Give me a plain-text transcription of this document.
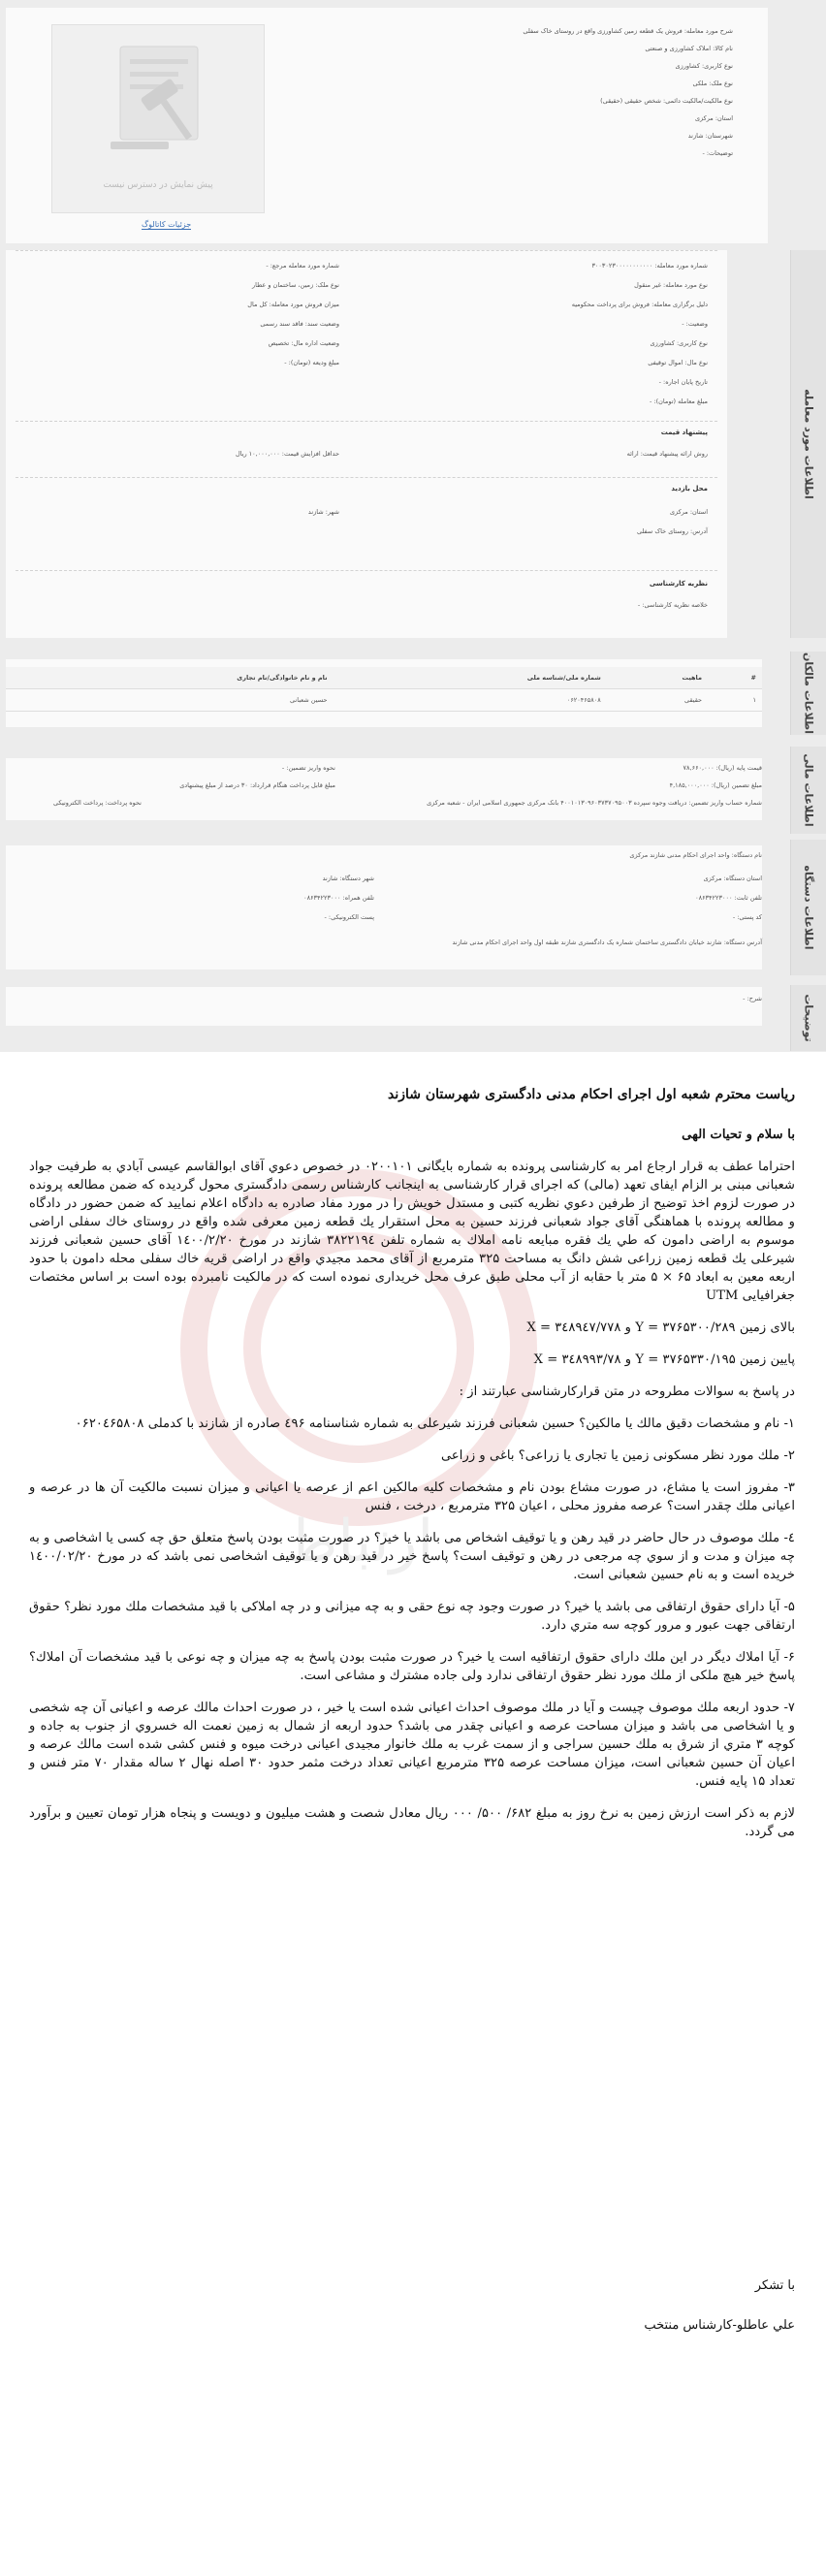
شرح مورد معامله: فروش یک قطعه زمین کشاورزی واقع در روستای خاک سفلی
نام کالا: املاک کشاورزی و صنعتی
نوع کاربری: کشاورزی
نوع ملک: ملکی
نوع مالکیت/مالکیت دائمی: شخص حقیقی (حقیقی)
استان: مرکزی
شهرستان: شازند
توضیحات: -
پیش نمایش در دسترس نیست
جزئیات کاتالوگ
شماره مورد معامله: ۳۰۰۳۰۲۳۰۰۰۰۰۰۰۰۰۰۰
شماره مورد معامله مرجع: -
نوع مورد معامله: غیر منقول
نوع ملک: زمین، ساختمان و عطار
دلیل برگزاری معامله: فروش برای پرداخت محکومیه
میزان فروش مورد معامله: کل مال
وضعیت: -
وضعیت سند: فاقد سند رسمی
نوع کاربری: کشاورزی
وضعیت اداره مال: تخصیص
نوع مال: اموال توقیفی
مبلغ ودیعه (تومان): -
تاریخ پایان اجاره: -
مبلغ معامله (تومان): -
پیشنهاد قیمت
روش ارائه پیشنهاد قیمت: ارائه
حداقل افزایش قیمت: ۱۰,۰۰۰,۰۰۰ ریال
محل بازدید
استان: مرکزی
شهر: شازند
آدرس: روستای خاک سفلی
نظریه کارشناسی
خلاصه نظریه کارشناسی: -
اطلاعات مورد معامله
#	ماهیت	شماره ملی/شناسه ملی	نام و نام خانوادگی/نام تجاری
۱	حقیقی	۰۶۲۰۴۶۵۸۰۸	حسین شعبانی	اطلاعات مالکان
قیمت پایه (ریال): ۷۸,۶۶۰,۰۰۰
نحوه واریز تضمین: -
مبلغ تضمین (ریال): ۴,۱۸۵,۰۰۰,۰۰۰
مبلغ قابل پرداخت هنگام قرارداد: ۳۰ درصد از مبلغ پیشنهادی
شماره حساب واریز تضمین: دریافت وجوه سپرده ۴۰۰۱۰۱۳۰۹۶۰۳۷۳۷۰۹۵۰۰۳ بانک مرکزی جمهوری اسلامی ایران - شعبه مرکزی
نحوه پرداخت: پرداخت الکترونیکی	اطلاعات مالی
نام دستگاه: واحد اجرای احکام مدنی شازند مرکزی
استان دستگاه: مرکزی
شهر دستگاه: شازند
تلفن ثابت: ۰۸۶۳۴۲۲۳۰۰۰
تلفن همراه: ۰۸۶۳۴۲۲۳۰۰۰
کد پستی: -
پست الکترونیکی: -
آدرس دستگاه: شازند خیابان دادگستری ساختمان شماره یک دادگستری شازند طبقه اول واحد اجرای احکام مدنی شازند	اطلاعات دستگاه
شرح: -	توضیحات
ارتباط

ریاست محترم شعبه اول اجرای احکام مدنی دادگستری شهرستان شازند

با سلام و تحیات الهی

احتراما عطف به قرار ارجاع امر به کارشناسی پرونده به شماره بایگانی ۰۲۰۰۱۰۱ در خصوص دعوي آقای ابوالقاسم عیسی آبادي به طرفیت جواد شعبانی مبنی بر الزام ایفای تعهد (مالی) که اجرای قرار کارشناسی به اینجانب کارشناس رسمی دادگستری محول گردیده که ضمن مطالعه پرونده در صورت لزوم اخذ توضیح از طرفین دعوي نظریه کتبی و مستدل خویش را در مورد مفاد صادره به دادگاه اعلام نمایید که ضمن حضور در دادگاه و مطالعه پرونده با هماهنگی آقای جواد شعبانی فرزند حسین به محل استقرار یك قطعه زمین معرفی شده واقع در روستای خاك سفلی اراضی موسوم به اراضی دامون که طي یك فقره مبایعه نامه املاك به شماره تلفن ۳۸۲۲۱۹٤ شازند در مورخ ۱٤۰۰/۲/۲۰ آقای حسین شعبانی فرزند شیرعلی یك قطعه زمین زراعی شش دانگ به مساحت ۳۲۵ مترمربع از آقای محمد مجیدي واقع در اراضی قریه خاك سفلی محله دامون با حدود اربعه معین به ابعاد ۶۵ × ۵ متر با حقابه از آب محلی طبق عرف محل خریداری نموده است که در مالکیت نامبرده بوده است بر اساس مختصات جغرافیایی UTM

بالای زمین ۳۷۶۵۳۰۰/۲۸۹ = Y و ۳٤۸۹٤۷/۷۷۸ = X

پایین زمین ۳۷۶۵۳۳۰/۱۹۵ = Y و ۳٤۸۹۹۳/۷۸ = X

در پاسخ به سوالات مطروحه در متن قرارکارشناسی عبارتند از :

۱- نام و مشخصات دقیق مالك یا مالکین؟ حسین شعبانی فرزند شیرعلی به شماره شناسنامه ٤۹۶ صادره از شازند با کدملی ۰۶۲۰٤۶۵۸۰۸

۲- ملك مورد نظر مسکونی زمین یا تجاری یا زراعی؟ باغی و زراعی

۳- مفروز است یا مشاع، در صورت مشاع بودن نام و مشخصات کلیه مالکین اعم از عرصه یا اعیانی و میزان نسبت مالکیت آن ها در عرصه و اعیانی ملك چقدر است؟ عرصه مفروز محلی ، اعیان ۳۲۵ مترمربع ، درخت ، فنس

٤- ملك موصوف در حال حاضر در قید رهن و یا توقیف اشخاص می باشد یا خیر؟ در صورت مثبت بودن پاسخ متعلق حق چه کسی یا اشخاصی و به چه میزان و مدت و از سوي چه مرجعی در رهن و توقیف است؟ پاسخ خیر در قید رهن و یا توقیف اشخاصی نمی باشد که در مورخ ۱٤۰۰/۰۲/۲۰ خریده است و به نام حسین شعبانی است.

۵- آیا دارای حقوق ارتفاقی می باشد یا خیر؟ در صورت وجود چه نوع حقی و به چه میزانی و در چه املاکی با قید مشخصات ملك مورد نظر؟ حقوق ارتفاقی جهت عبور و مرور کوچه سه متري دارد.

۶- آیا املاك دیگر در این ملك دارای حقوق ارتفاقیه است یا خیر؟ در صورت مثبت بودن پاسخ به چه میزان و چه نوعی با قید مشخصات آن املاك؟ پاسخ خیر هیچ ملکی از ملك مورد نظر حقوق ارتفاقی ندارد ولی جاده مشترك و مشاعی است.

۷- حدود اربعه ملك موصوف چیست و آیا در ملك موصوف احداث اعیانی شده است یا خیر ، در صورت احداث مالك عرصه و اعیانی آن چه شخصی و یا اشخاصی می باشد و میزان مساحت عرصه و اعیانی چقدر می باشد؟ حدود اربعه از شمال به زمین نعمت اله خسروي از جنوب به جاده و کوچه ۳ متري از شرق به ملك حسین سراجی و از سمت غرب به ملك خانوار مجیدی اعیانی درخت میوه و فنس کشی شده است مالك عرصه و اعیان آن حسین شعبانی است، میزان مساحت عرصه ۳۲۵ مترمربع اعیانی تعداد درخت مثمر حدود ۳۰ اصله نهال ۲ ساله مقدار ۷۰ متر فنس و تعداد ۱۵ پایه فنس.

لازم به ذکر است ارزش زمین به نرخ روز به مبلغ ۶۸۲/ ۵۰۰/ ۰۰۰ ریال معادل شصت و هشت میلیون و دویست و پنجاه هزار تومان تعیین و برآورد می گردد.

با تشکر
علي عاطلو-کارشناس منتخب
